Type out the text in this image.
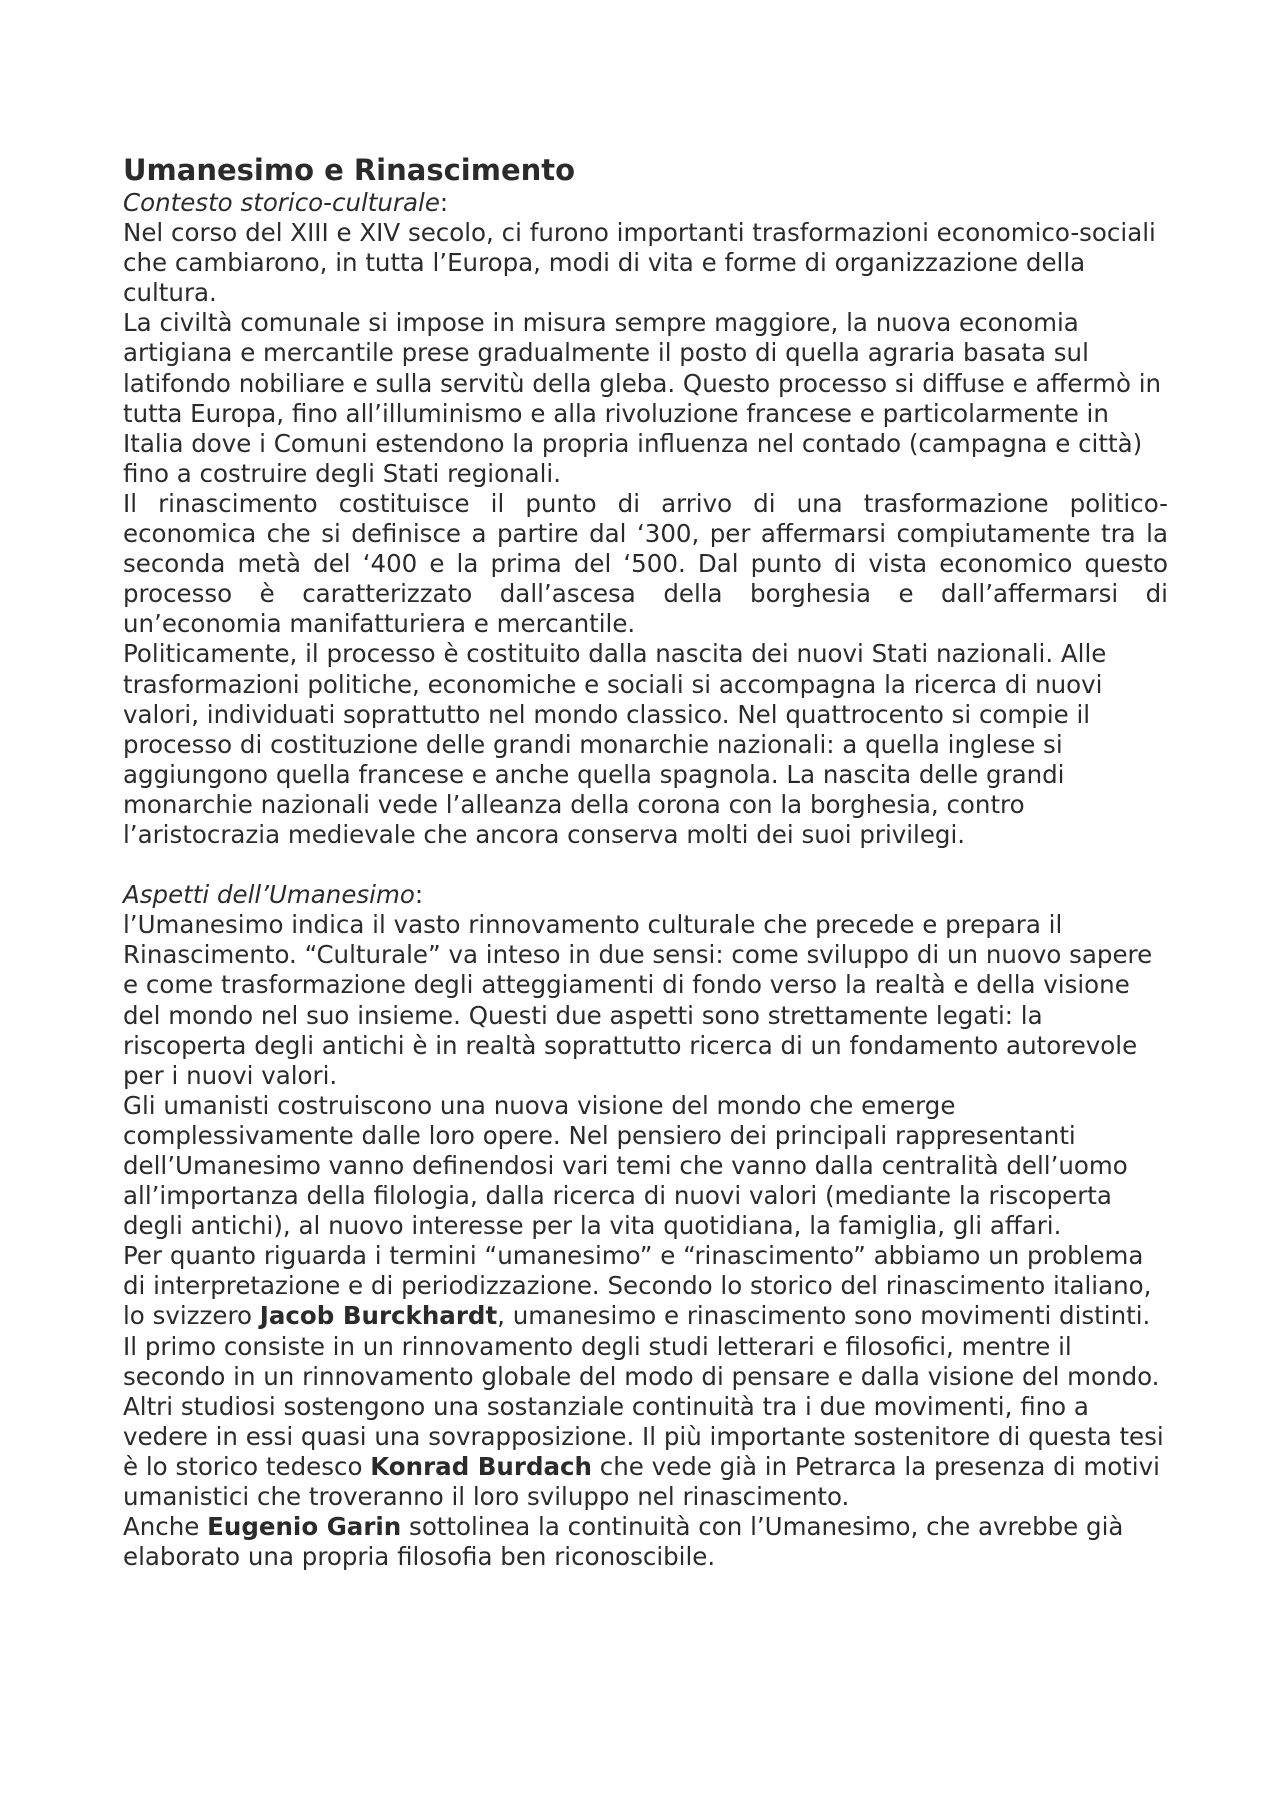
Umanesimo e Rinascimento

Contesto storico-culturale:

Nel corso del XIII e XIV secolo, ci furono importanti trasformazioni economico-sociali che cambiarono, in tutta l’Europa, modi di vita e forme di organizzazione della cultura.

La civiltà comunale si impose in misura sempre maggiore, la nuova economia artigiana e mercantile prese gradualmente il posto di quella agraria basata sul latifondo nobiliare e sulla servitù della gleba. Questo processo si diffuse e affermò in tutta Europa, fino all’illuminismo e alla rivoluzione francese e particolarmente in Italia dove i Comuni estendono la propria influenza nel contado (campagna e città) fino a costruire degli Stati regionali.

Il rinascimento costituisce il punto di arrivo di una trasformazione politico-economica che si definisce a partire dal ‘300, per affermarsi compiutamente tra la seconda metà del ‘400 e la prima del ‘500. Dal punto di vista economico questo processo è caratterizzato dall’ascesa della borghesia e dall’affermarsi di un’economia manifatturiera e mercantile.

Politicamente, il processo è costituito dalla nascita dei nuovi Stati nazionali. Alle trasformazioni politiche, economiche e sociali si accompagna la ricerca di nuovi valori, individuati soprattutto nel mondo classico. Nel quattrocento si compie il processo di costituzione delle grandi monarchie nazionali: a quella inglese si aggiungono quella francese e anche quella spagnola. La nascita delle grandi monarchie nazionali vede l’alleanza della corona con la borghesia, contro l’aristocrazia medievale che ancora conserva molti dei suoi privilegi.

Aspetti dell’Umanesimo:

l’Umanesimo indica il vasto rinnovamento culturale che precede e prepara il Rinascimento. “Culturale” va inteso in due sensi: come sviluppo di un nuovo sapere e come trasformazione degli atteggiamenti di fondo verso la realtà e della visione del mondo nel suo insieme. Questi due aspetti sono strettamente legati: la riscoperta degli antichi è in realtà soprattutto ricerca di un fondamento autorevole per i nuovi valori.

Gli umanisti costruiscono una nuova visione del mondo che emerge complessivamente dalle loro opere. Nel pensiero dei principali rappresentanti dell’Umanesimo vanno definendosi vari temi che vanno dalla centralità dell’uomo all’importanza della filologia, dalla ricerca di nuovi valori (mediante la riscoperta degli antichi), al nuovo interesse per la vita quotidiana, la famiglia, gli affari.

Per quanto riguarda i termini “umanesimo” e “rinascimento” abbiamo un problema di interpretazione e di periodizzazione. Secondo lo storico del rinascimento italiano, lo svizzero Jacob Burckhardt, umanesimo e rinascimento sono movimenti distinti. Il primo consiste in un rinnovamento degli studi letterari e filosofici, mentre il secondo in un rinnovamento globale del modo di pensare e dalla visione del mondo.

Altri studiosi sostengono una sostanziale continuità tra i due movimenti, fino a vedere in essi quasi una sovrapposizione. Il più importante sostenitore di questa tesi è lo storico tedesco Konrad Burdach che vede già in Petrarca la presenza di motivi umanistici che troveranno il loro sviluppo nel rinascimento.

Anche Eugenio Garin sottolinea la continuità con l’Umanesimo, che avrebbe già elaborato una propria filosofia ben riconoscibile.
